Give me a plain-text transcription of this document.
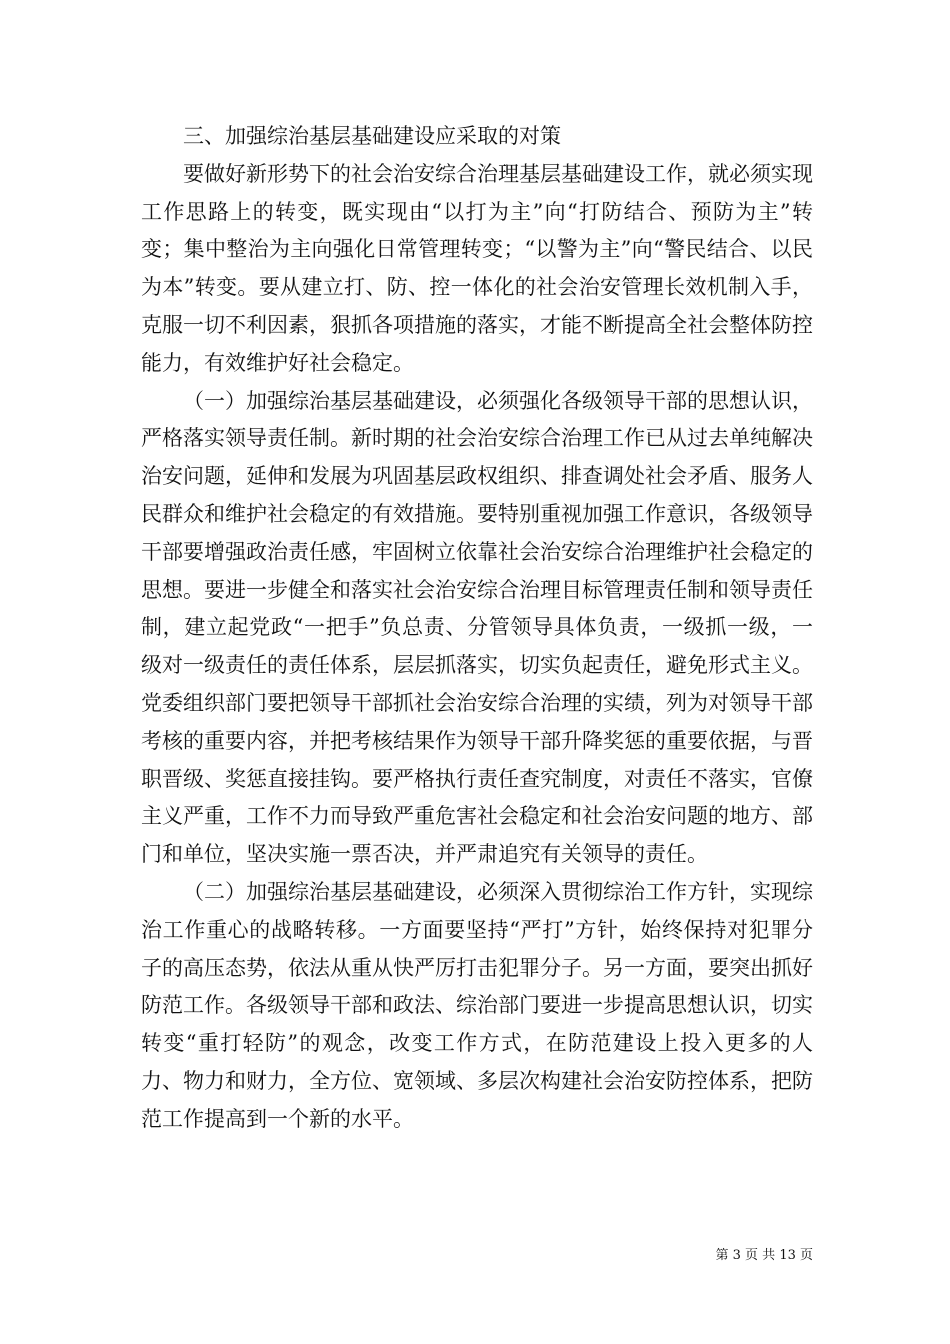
三、加强综治基层基础建设应采取的对策

要做好新形势下的社会治安综合治理基层基础建设工作，就必须实现工作思路上的转变，既实现由“以打为主”向“打防结合、预防为主”转变；集中整治为主向强化日常管理转变；“以警为主”向“警民结合、以民为本”转变。要从建立打、防、控一体化的社会治安管理长效机制入手，克服一切不利因素，狠抓各项措施的落实，才能不断提高全社会整体防控能力，有效维护好社会稳定。

（一）加强综治基层基础建设，必须强化各级领导干部的思想认识，严格落实领导责任制。新时期的社会治安综合治理工作已从过去单纯解决治安问题，延伸和发展为巩固基层政权组织、排查调处社会矛盾、服务人民群众和维护社会稳定的有效措施。要特别重视加强工作意识，各级领导干部要增强政治责任感，牢固树立依靠社会治安综合治理维护社会稳定的思想。要进一步健全和落实社会治安综合治理目标管理责任制和领导责任制，建立起党政“一把手”负总责、分管领导具体负责，一级抓一级，一级对一级责任的责任体系，层层抓落实，切实负起责任，避免形式主义。党委组织部门要把领导干部抓社会治安综合治理的实绩，列为对领导干部考核的重要内容，并把考核结果作为领导干部升降奖惩的重要依据，与晋职晋级、奖惩直接挂钩。要严格执行责任查究制度，对责任不落实，官僚主义严重，工作不力而导致严重危害社会稳定和社会治安问题的地方、部门和单位，坚决实施一票否决，并严肃追究有关领导的责任。

（二）加强综治基层基础建设，必须深入贯彻综治工作方针，实现综治工作重心的战略转移。一方面要坚持“严打”方针，始终保持对犯罪分子的高压态势，依法从重从快严厉打击犯罪分子。另一方面，要突出抓好防范工作。各级领导干部和政法、综治部门要进一步提高思想认识，切实转变“重打轻防”的观念，改变工作方式，在防范建设上投入更多的人力、物力和财力，全方位、宽领域、多层次构建社会治安防控体系，把防范工作提高到一个新的水平。

第 3 页 共 13 页
